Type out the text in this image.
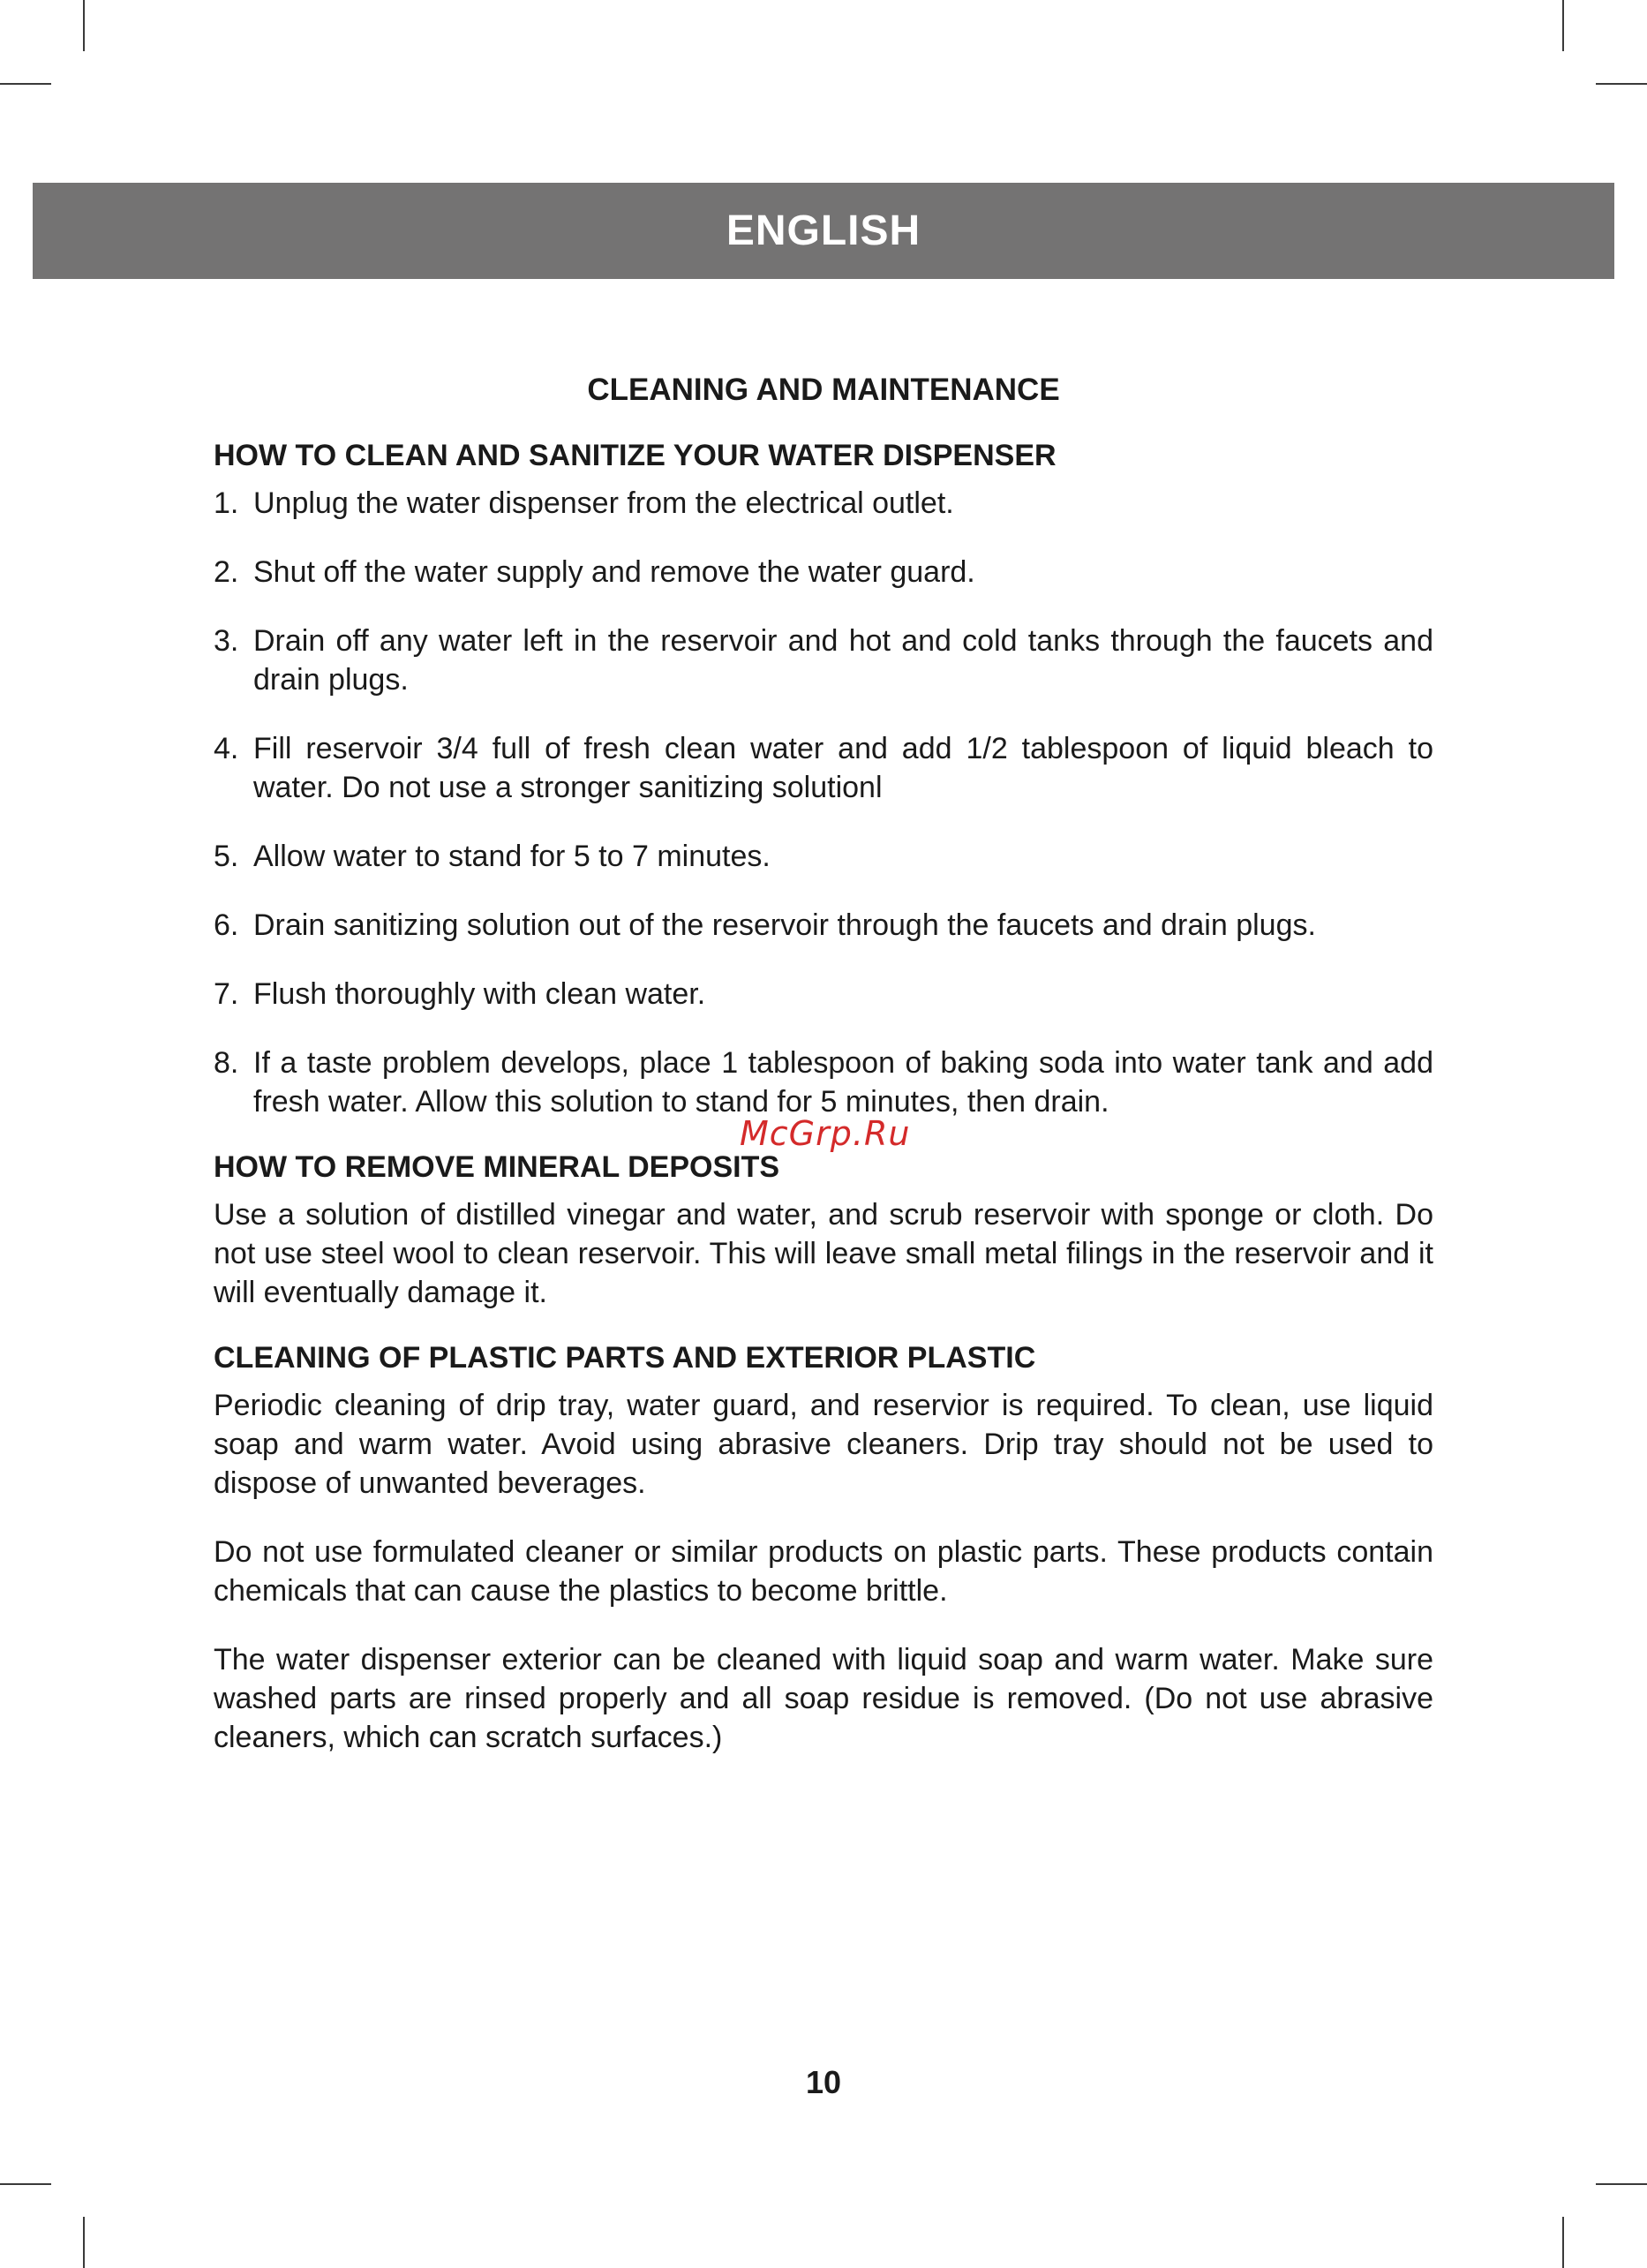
ENGLISH
CLEANING AND MAINTENANCE
HOW TO CLEAN AND SANITIZE YOUR WATER DISPENSER
1. Unplug the water dispenser from the electrical outlet.
2. Shut off the water supply and remove the water guard.
3. Drain off any water left in the reservoir and hot and cold tanks through the faucets and drain plugs.
4. Fill reservoir 3/4 full of fresh clean water and add 1/2 tablespoon of liquid bleach to water. Do not use a stronger sanitizing solutionl
5. Allow water to stand for 5 to 7 minutes.
6. Drain sanitizing solution out of the reservoir through the faucets and drain plugs.
7. Flush thoroughly with clean water.
8. If a taste problem develops, place 1 tablespoon of baking soda into water tank and add fresh water. Allow this solution to stand for 5 minutes, then drain.
HOW TO REMOVE MINERAL DEPOSITS

Use a solution of distilled vinegar and water, and scrub reservoir with sponge or cloth. Do not use steel wool to clean reservoir. This will leave small metal filings in the reservoir and it will eventually damage it.

CLEANING OF PLASTIC PARTS AND EXTERIOR PLASTIC

Periodic cleaning of drip tray, water guard, and reservior is required. To clean, use liquid soap and warm water. Avoid using abrasive cleaners. Drip tray should not be used to dispose of unwanted beverages.

Do not use formulated cleaner or similar products on plastic parts. These products contain chemicals that can cause the plastics to become brittle.

The water dispenser exterior can be cleaned with liquid soap and warm water. Make sure washed parts are rinsed properly and all soap residue is removed. (Do not use abrasive cleaners, which can scratch surfaces.)

McGrp.Ru
10
